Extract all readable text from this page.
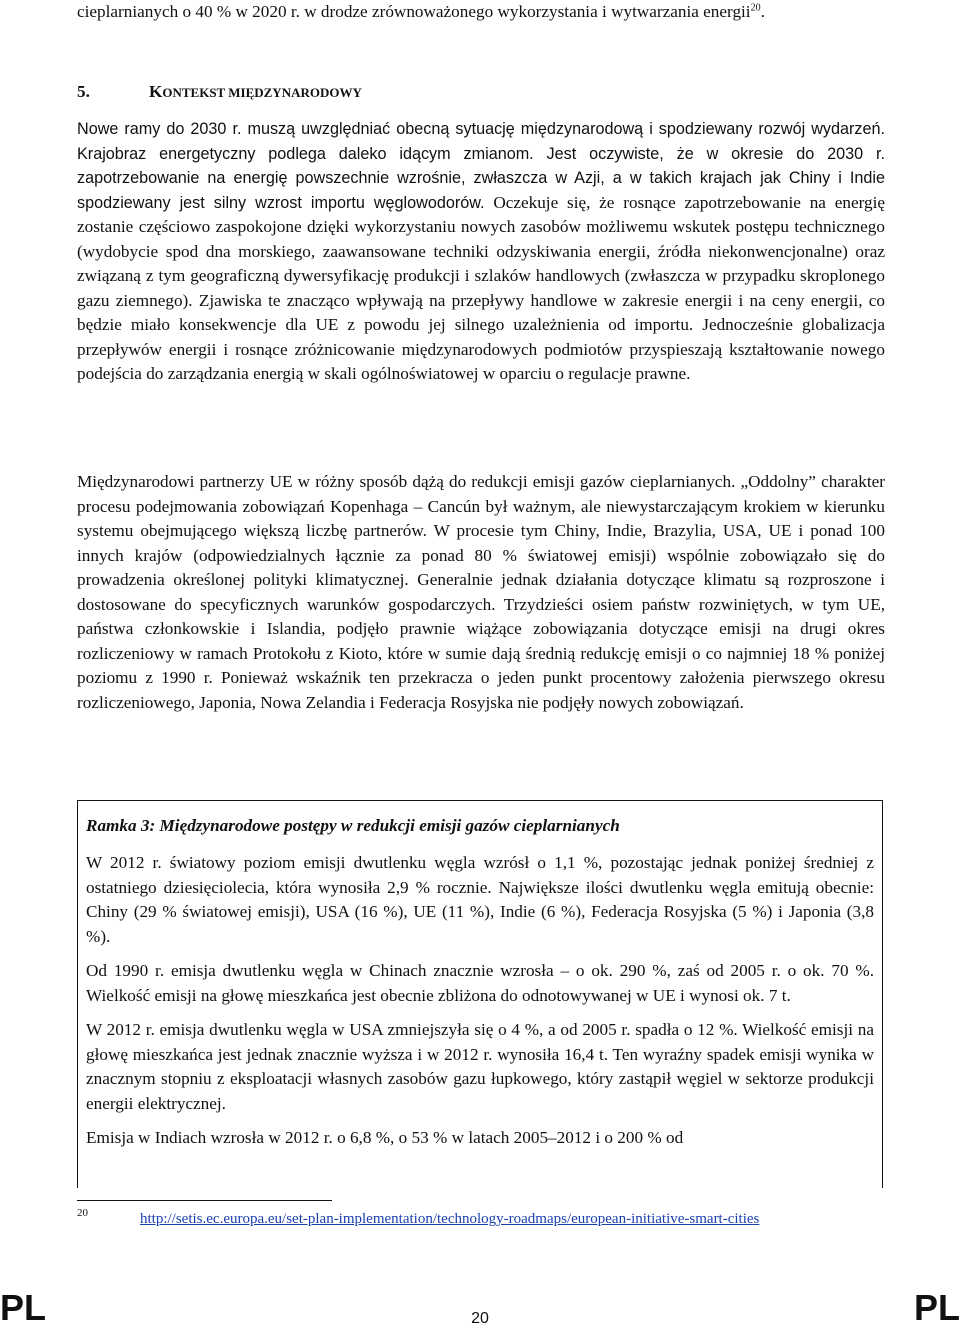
cieplarnianych o 40 % w 2020 r. w drodze zrównoważonego wykorzystania i wytwarzania energii$^{20}$.

5.	KONTEKST MIĘDZYNARODOWY

Nowe ramy do 2030 r. muszą uwzględniać obecną sytuację międzynarodową i spodziewany rozwój wydarzeń. Krajobraz energetyczny podlega daleko idącym zmianom. Jest oczywiste, że w okresie do 2030 r. zapotrzebowanie na energię powszechnie wzrośnie, zwłaszcza w Azji, a w takich krajach jak Chiny i Indie spodziewany jest silny wzrost importu węglowodorów. Oczekuje się, że rosnące zapotrzebowanie na energię zostanie częściowo zaspokojone dzięki wykorzystaniu nowych zasobów możliwemu wskutek postępu technicznego (wydobycie spod dna morskiego, zaawansowane techniki odzyskiwania energii, źródła niekonwencjonalne) oraz związaną z tym geograficzną dywersyfikację produkcji i szlaków handlowych (zwłaszcza w przypadku skroplonego gazu ziemnego). Zjawiska te znacząco wpływają na przepływy handlowe w zakresie energii i na ceny energii, co będzie miało konsekwencje dla UE z powodu jej silnego uzależnienia od importu. Jednocześnie globalizacja przepływów energii i rosnące zróżnicowanie międzynarodowych podmiotów przyspieszają kształtowanie nowego podejścia do zarządzania energią w skali ogólnoświatowej w oparciu o regulacje prawne.

Międzynarodowi partnerzy UE w różny sposób dążą do redukcji emisji gazów cieplarnianych. „Oddolny” charakter procesu podejmowania zobowiązań Kopenhaga – Cancún był ważnym, ale niewystarczającym krokiem w kierunku systemu obejmującego większą liczbę partnerów. W procesie tym Chiny, Indie, Brazylia, USA, UE i ponad 100 innych krajów (odpowiedzialnych łącznie za ponad 80 % światowej emisji) wspólnie zobowiązało się do prowadzenia określonej polityki klimatycznej. Generalnie jednak działania dotyczące klimatu są rozproszone i dostosowane do specyficznych warunków gospodarczych. Trzydzieści osiem państw rozwiniętych, w tym UE, państwa członkowskie i Islandia, podjęło prawnie wiążące zobowiązania dotyczące emisji na drugi okres rozliczeniowy w ramach Protokołu z Kioto, które w sumie dają średnią redukcję emisji o co najmniej 18 % poniżej poziomu z 1990 r. Ponieważ wskaźnik ten przekracza o jeden punkt procentowy założenia pierwszego okresu rozliczeniowego, Japonia, Nowa Zelandia i Federacja Rosyjska nie podjęły nowych zobowiązań.

Ramka 3: Międzynarodowe postępy w redukcji emisji gazów cieplarnianych

W 2012 r. światowy poziom emisji dwutlenku węgla wzrósł o 1,1 %, pozostając jednak poniżej średniej z ostatniego dziesięciolecia, która wynosiła 2,9 % rocznie. Największe ilości dwutlenku węgla emitują obecnie: Chiny (29 % światowej emisji), USA (16 %), UE (11 %), Indie (6 %), Federacja Rosyjska (5 %) i Japonia (3,8 %).

Od 1990 r. emisja dwutlenku węgla w Chinach znacznie wzrosła – o ok. 290 %, zaś od 2005 r. o ok. 70 %. Wielkość emisji na głowę mieszkańca jest obecnie zbliżona do odnotowywanej w UE i wynosi ok. 7 t.

W 2012 r. emisja dwutlenku węgla w USA zmniejszyła się o 4 %, a od 2005 r. spadła o 12 %. Wielkość emisji na głowę mieszkańca jest jednak znacznie wyższa i w 2012 r. wynosiła 16,4 t. Ten wyraźny spadek emisji wynika w znacznym stopniu z eksploatacji własnych zasobów gazu łupkowego, który zastąpił węgiel w sektorze produkcji energii elektrycznej.

Emisja w Indiach wzrosła w 2012 r. o 6,8 %, o 53 % w latach 2005–2012 i o 200 % od

20	http://setis.ec.europa.eu/set-plan-implementation/technology-roadmaps/european-initiative-smart-cities
PL	20	PL
